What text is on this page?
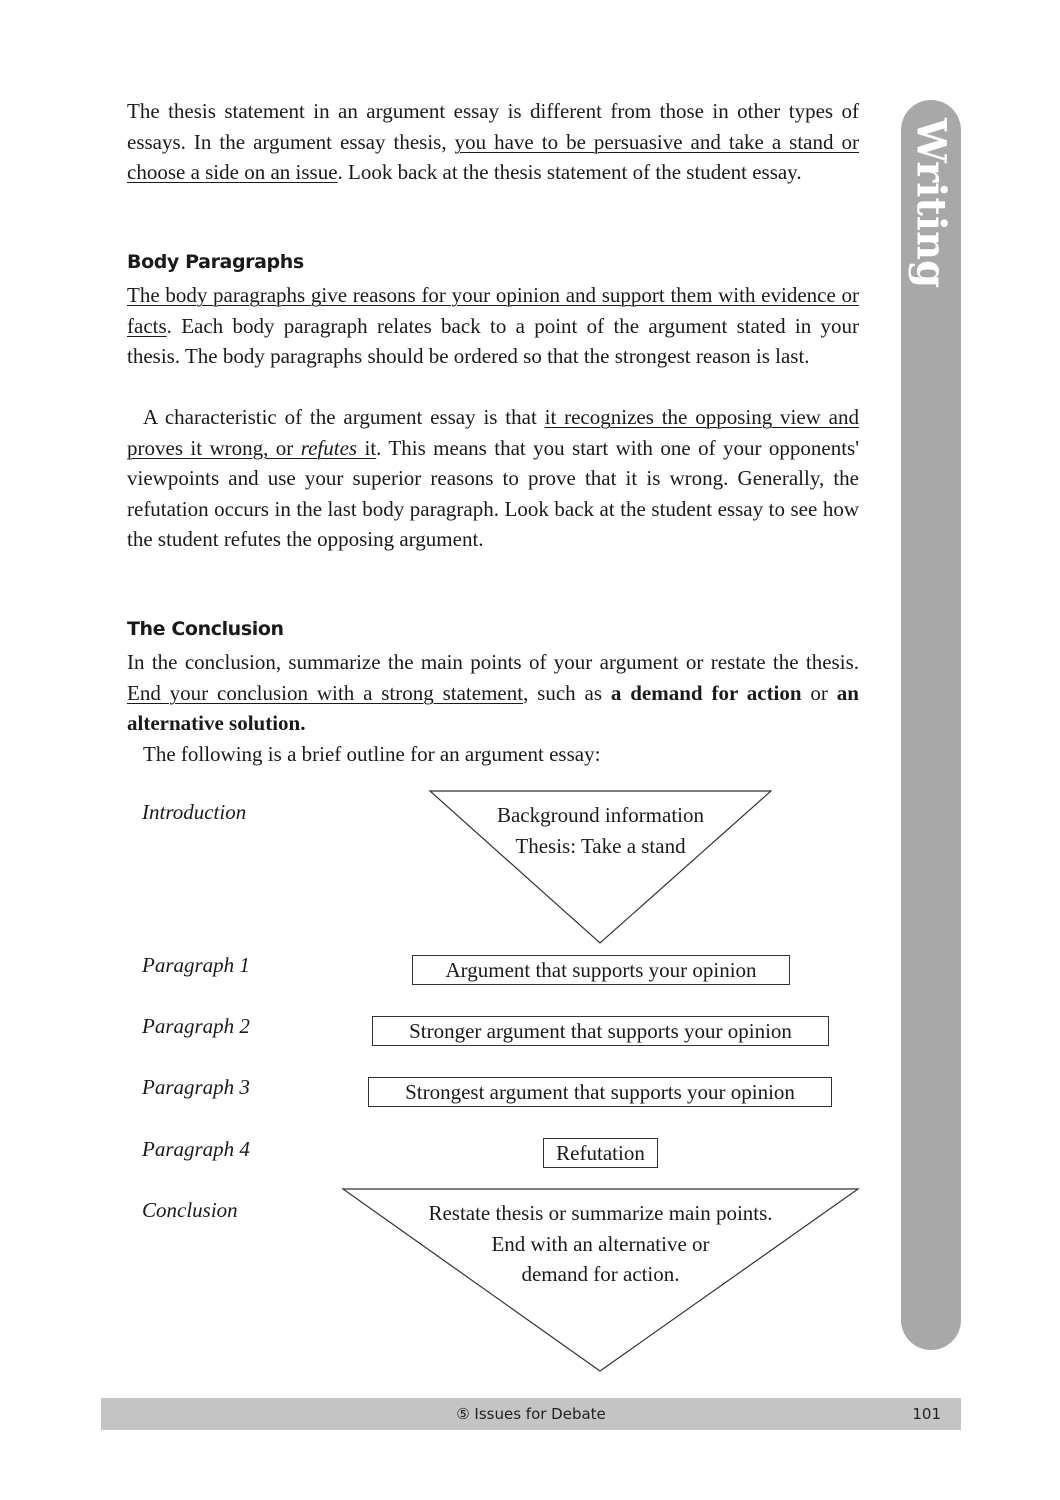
Writing

The thesis statement in an argument essay is different from those in other types of essays. In the argument essay thesis, you have to be persuasive and take a stand or choose a side on an issue. Look back at the thesis statement of the student essay.

Body Paragraphs

The body paragraphs give reasons for your opinion and support them with evidence or facts. Each body paragraph relates back to a point of the argument stated in your thesis. The body paragraphs should be ordered so that the strongest reason is last.

A characteristic of the argument essay is that it recognizes the opposing view and proves it wrong, or refutes it. This means that you start with one of your opponents' viewpoints and use your superior reasons to prove that it is wrong. Generally, the refutation occurs in the last body paragraph. Look back at the student essay to see how the student refutes the opposing argument.

The Conclusion

In the conclusion, summarize the main points of your argument or restate the thesis. End your conclusion with a strong statement, such as a demand for action or an alternative solution.

The following is a brief outline for an argument essay:

Background information
Thesis: Take a stand
Restate thesis or summarize main points.
End with an alternative or
demand for action.
Introduction
Paragraph 1
Paragraph 2
Paragraph 3
Paragraph 4
Conclusion
Argument that supports your opinion
Stronger argument that supports your opinion
Strongest argument that supports your opinion
Refutation
⑤ Issues for Debate	101
